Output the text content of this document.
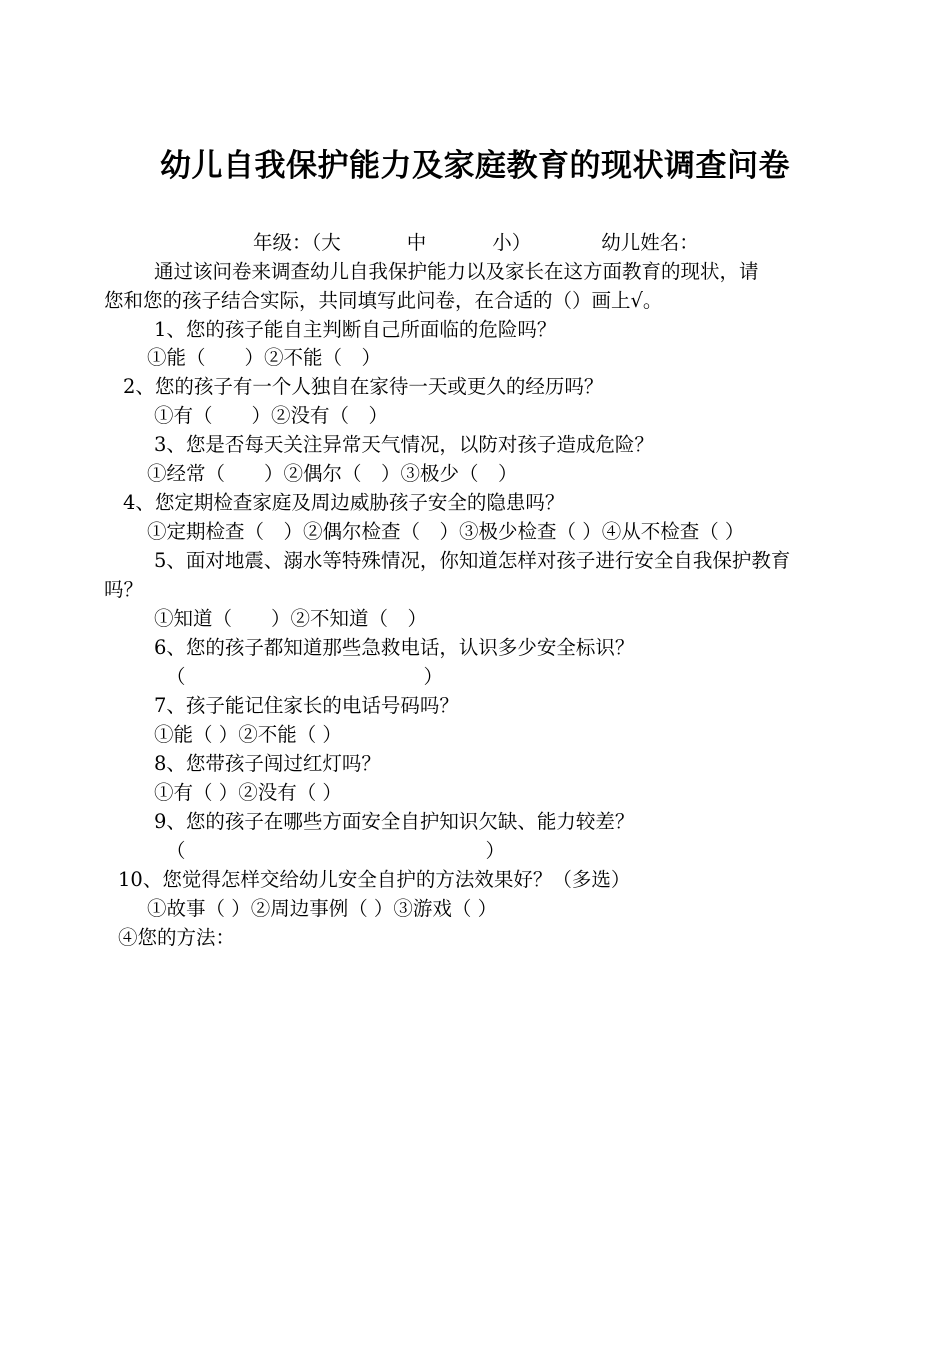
幼儿自我保护能力及家庭教育的现状调查问卷
年级：（大	中	小）	幼儿姓名：
通过该问卷来调查幼儿自我保护能力以及家长在这方面教育的现状，请
您和您的孩子结合实际，共同填写此问卷，在合适的（）画上√。
1、您的孩子能自主判断自己所面临的危险吗？
①能（　　）②不能（　）
2、您的孩子有一个人独自在家待一天或更久的经历吗？
①有（　　）②没有（　）
3、您是否每天关注异常天气情况，以防对孩子造成危险？
①经常（　　）②偶尔（　）③极少（　）
4、您定期检查家庭及周边威胁孩子安全的隐患吗？
①定期检查（　）②偶尔检查（　）③极少检查（ ）④从不检查（ ）
5、面对地震、溺水等特殊情况，你知道怎样对孩子进行安全自我保护教育
吗？
①知道（　　）②不知道（　）
6、您的孩子都知道那些急救电话，认识多少安全标识？
（	）
7、孩子能记住家长的电话号码吗？
①能（ ）②不能（ ）
8、您带孩子闯过红灯吗？
①有（ ）②没有（ ）
9、您的孩子在哪些方面安全自护知识欠缺、能力较差？
（	）
10、您觉得怎样交给幼儿安全自护的方法效果好？（多选）
①故事（ ）②周边事例（ ）③游戏（ ）
④您的方法：
